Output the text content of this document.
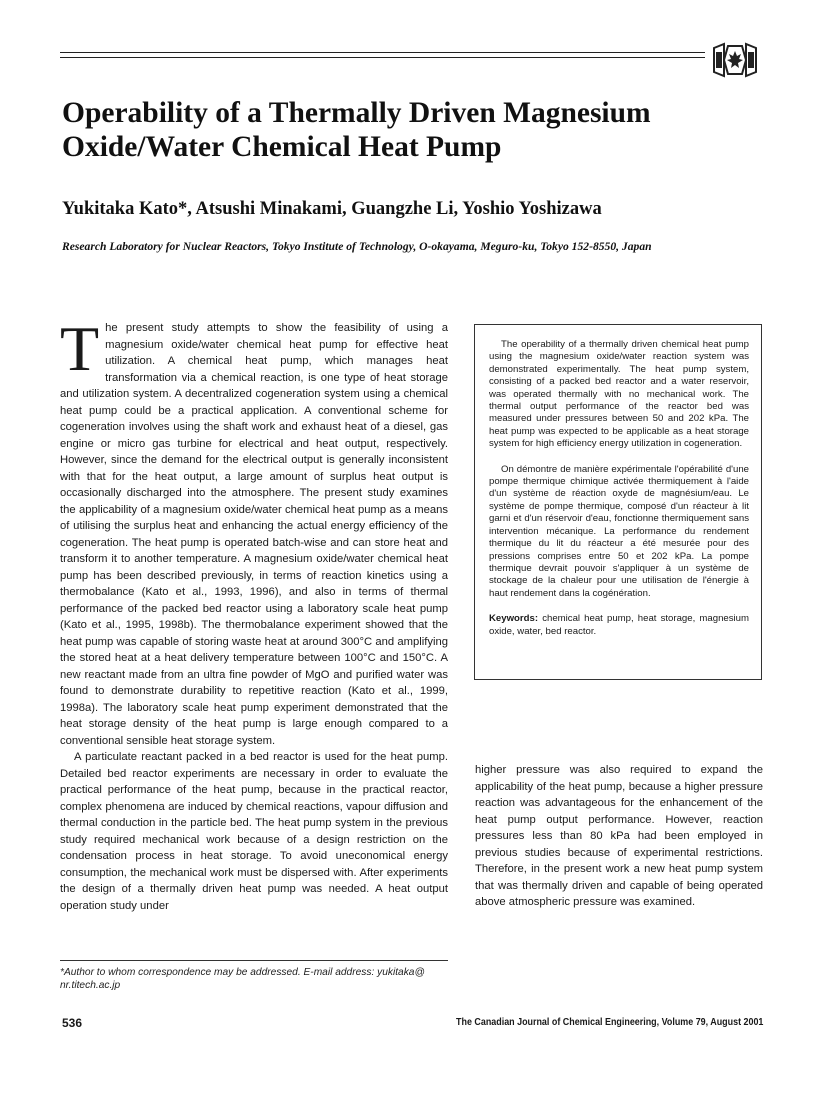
Operability of a Thermally Driven Magnesium Oxide/Water Chemical Heat Pump
Yukitaka Kato*, Atsushi Minakami, Guangzhe Li, Yoshio Yoshizawa
Research Laboratory for Nuclear Reactors, Tokyo Institute of Technology, O-okayama, Meguro-ku, Tokyo 152-8550, Japan

The present study attempts to show the feasibility of using a magnesium oxide/water chemical heat pump for effective heat utilization. A chemical heat pump, which manages heat transformation via a chemical reaction, is one type of heat storage and utilization system. A decentralized cogeneration system using a chemical heat pump could be a practical application. A conventional scheme for cogeneration involves using the shaft work and exhaust heat of a diesel, gas engine or micro gas turbine for electrical and heat output, respectively. However, since the demand for the electrical output is generally inconsistent with that for the heat output, a large amount of surplus heat output is occasionally discharged into the atmosphere. The present study examines the applicability of a magnesium oxide/water chemical heat pump as a means of utilising the surplus heat and enhancing the actual energy efficiency of the cogeneration. The heat pump is operated batch-wise and can store heat and transform it to another temperature. A magnesium oxide/water chemical heat pump has been described previously, in terms of reaction kinetics using a thermobalance (Kato et al., 1993, 1996), and also in terms of thermal performance of the packed bed reactor using a laboratory scale heat pump (Kato et al., 1995, 1998b). The thermobalance experiment showed that the heat pump was capable of storing waste heat at around 300°C and amplifying the stored heat at a heat delivery temperature between 100°C and 150°C. A new reactant made from an ultra fine powder of MgO and purified water was found to demonstrate durability to repetitive reaction (Kato et al., 1999, 1998a). The laboratory scale heat pump experiment demonstrated that the heat storage density of the heat pump is large enough compared to a conventional sensible heat storage system.

A particulate reactant packed in a bed reactor is used for the heat pump. Detailed bed reactor experiments are necessary in order to evaluate the practical performance of the heat pump, because in the practical reactor, complex phenomena are induced by chemical reactions, vapour diffusion and thermal conduction in the particle bed. The heat pump system in the previous study required mechanical work because of a design restriction on the condensation process in heat storage. To avoid uneconomical energy consumption, the mechanical work must be dispersed with. After experiments the design of a thermally driven heat pump was needed. A heat output operation study under

The operability of a thermally driven chemical heat pump using the magnesium oxide/water reaction system was demonstrated experimentally. The heat pump system, consisting of a packed bed reactor and a water reservoir, was operated thermally with no mechanical work. The thermal output performance of the reactor bed was measured under pressures between 50 and 202 kPa. The heat pump was expected to be applicable as a heat storage system for high efficiency energy utilization in cogeneration.

On démontre de manière expérimentale l'opérabilité d'une pompe thermique chimique activée thermiquement à l'aide d'un système de réaction oxyde de magnésium/eau. Le système de pompe thermique, composé d'un réacteur à lit garni et d'un réservoir d'eau, fonctionne thermiquement sans intervention mécanique. La performance du rendement thermique du lit du réacteur a été mesurée pour des pressions comprises entre 50 et 202 kPa. La pompe thermique devrait pouvoir s'appliquer à un système de stockage de la chaleur pour une utilisation de l'énergie à haut rendement dans la cogénération.

Keywords: chemical heat pump, heat storage, magnesium oxide, water, bed reactor.

higher pressure was also required to expand the applicability of the heat pump, because a higher pressure reaction was advantageous for the enhancement of the heat pump output performance. However, reaction pressures less than 80 kPa had been employed in previous studies because of experimental restrictions. Therefore, in the present work a new heat pump system that was thermally driven and capable of being operated above atmospheric pressure was examined.

*Author to whom correspondence may be addressed. E-mail address: yukitaka@ nr.titech.ac.jp
536	The Canadian Journal of Chemical Engineering, Volume 79, August 2001
